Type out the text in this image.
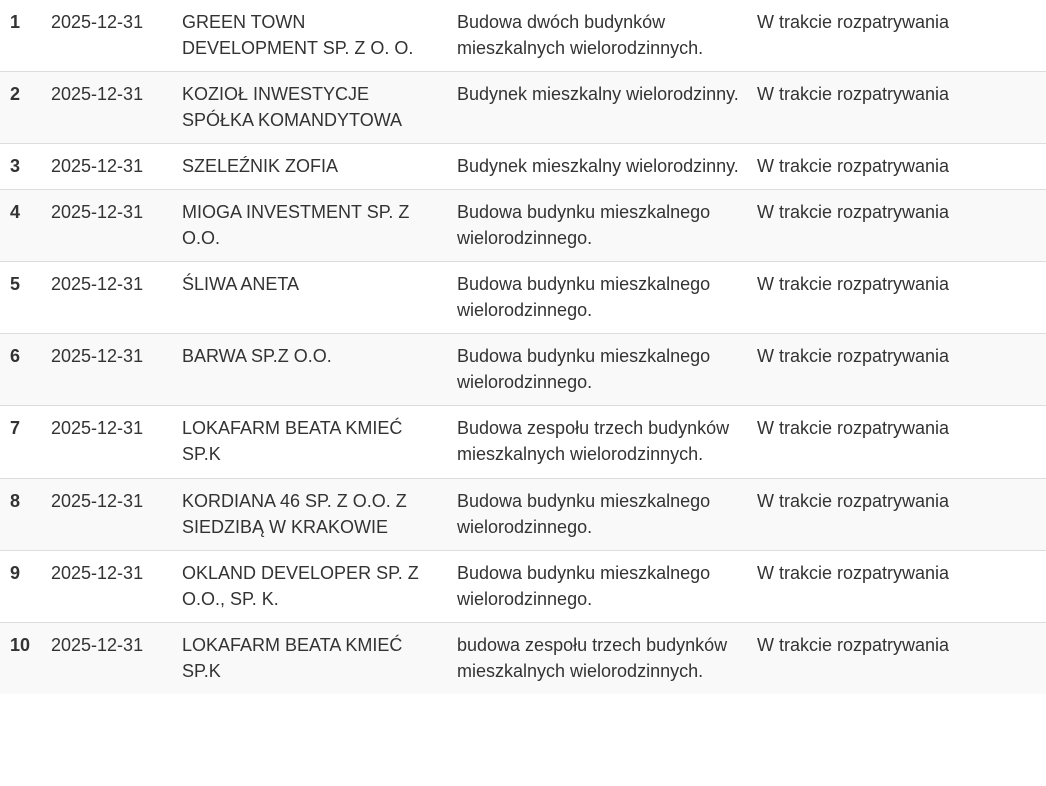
1	2025-12-31	GREEN TOWN DEVELOPMENT SP. Z O. O.	Budowa dwóch budynków mieszkalnych wielorodzinnych.	W trakcie rozpatrywania
2	2025-12-31	KOZIOŁ INWESTYCJE SPÓŁKA KOMANDYTOWA	Budynek mieszkalny wielorodzinny.	W trakcie rozpatrywania
3	2025-12-31	SZELEŹNIK ZOFIA	Budynek mieszkalny wielorodzinny.	W trakcie rozpatrywania
4	2025-12-31	MIOGA INVESTMENT SP. Z O.O.	Budowa budynku mieszkalnego wielorodzinnego.	W trakcie rozpatrywania
5	2025-12-31	ŚLIWA ANETA	Budowa budynku mieszkalnego wielorodzinnego.	W trakcie rozpatrywania
6	2025-12-31	BARWA SP.Z O.O.	Budowa budynku mieszkalnego wielorodzinnego.	W trakcie rozpatrywania
7	2025-12-31	LOKAFARM BEATA KMIEĆ SP.K	Budowa zespołu trzech budynków mieszkalnych wielorodzinnych.	W trakcie rozpatrywania
8	2025-12-31	KORDIANA 46 SP. Z O.O. Z SIEDZIBĄ W KRAKOWIE	Budowa budynku mieszkalnego wielorodzinnego.	W trakcie rozpatrywania
9	2025-12-31	OKLAND DEVELOPER SP. Z O.O., SP. K.	Budowa budynku mieszkalnego wielorodzinnego.	W trakcie rozpatrywania
10	2025-12-31	LOKAFARM BEATA KMIEĆ SP.K	budowa zespołu trzech budynków mieszkalnych wielorodzinnych.	W trakcie rozpatrywania
